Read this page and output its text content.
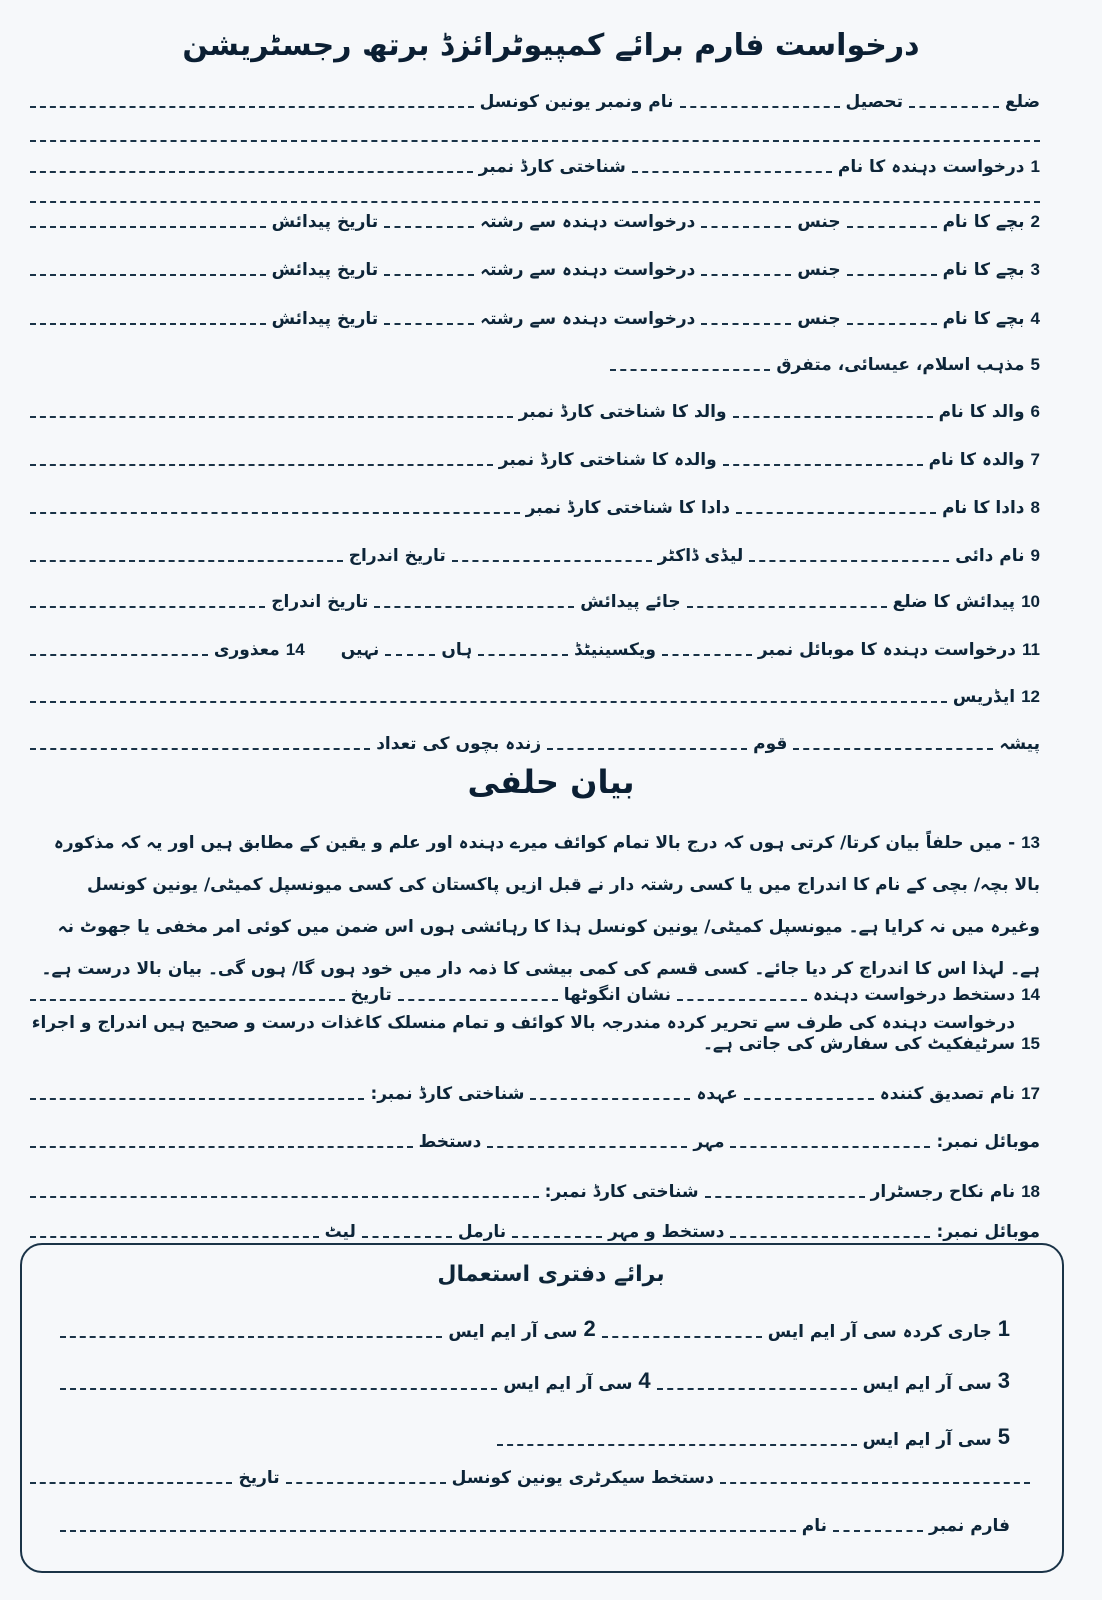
درخواست فارم برائے کمپیوٹرائزڈ برتھ رجسٹریشن
ضلع
تحصیل
نام ونمبر یونین کونسل
1
درخواست دہندہ کا نام
شناختی کارڈ نمبر
2
بچے کا نام
جنس
درخواست دہندہ سے رشتہ
تاریخ پیدائش
3
بچے کا نام
جنس
درخواست دہندہ سے رشتہ
تاریخ پیدائش
4
بچے کا نام
جنس
درخواست دہندہ سے رشتہ
تاریخ پیدائش
5
مذہب اسلام، عیسائی، متفرق
6
والد کا نام
والد کا شناختی کارڈ نمبر
7
والدہ کا نام
والدہ کا شناختی کارڈ نمبر
8
دادا کا نام
دادا کا شناختی کارڈ نمبر
9
نام دائی
لیڈی ڈاکٹر
تاریخ اندراج
10
پیدائش کا ضلع
جائے پیدائش
تاریخ اندراج
11
درخواست دہندہ کا موبائل نمبر
ویکسینیٹڈ
ہاں
نہیں
14
معذوری
12
ایڈریس
پیشہ
قوم
زندہ بچوں کی تعداد
بیان حلفی
13 - میں حلفاً بیان کرتا/ کرتی ہوں کہ درج بالا تمام کوائف میرے دہندہ اور علم و یقین کے مطابق ہیں اور یہ کہ مذکورہ بالا بچہ/ بچی کے نام کا اندراج میں یا کسی رشتہ دار نے قبل ازیں پاکستان کی کسی میونسپل کمیٹی/ یونین کونسل وغیرہ میں نہ کرایا ہے۔ میونسپل کمیٹی/ یونین کونسل ہذا کا رہائشی ہوں اس ضمن میں کوئی امر مخفی یا جھوٹ نہ ہے۔ لہذا اس کا اندراج کر دیا جائے۔ کسی قسم کی کمی بیشی کا ذمہ دار میں خود ہوں گا/ ہوں گی۔ بیان بالا درست ہے۔
14
دستخط درخواست دہندہ
نشان انگوٹھا
تاریخ
15
درخواست دہندہ کی طرف سے تحریر کردہ مندرجہ بالا کوائف و تمام منسلک کاغذات درست و صحیح ہیں اندراج و اجراء سرٹیفکیٹ کی سفارش کی جاتی ہے۔
17
نام تصدیق کنندہ
عہدہ
شناختی کارڈ نمبر:
موبائل نمبر:
مہر
دستخط
18
نام نکاح رجسٹرار
شناختی کارڈ نمبر:
موبائل نمبر:
دستخط و مہر
نارمل
لیٹ
برائے دفتری استعمال
1
جاری کردہ سی آر ایم ایس
2
سی آر ایم ایس
3
سی آر ایم ایس
4
سی آر ایم ایس
5
سی آر ایم ایس
دستخط سیکرٹری یونین کونسل
تاریخ
فارم نمبر
نام
